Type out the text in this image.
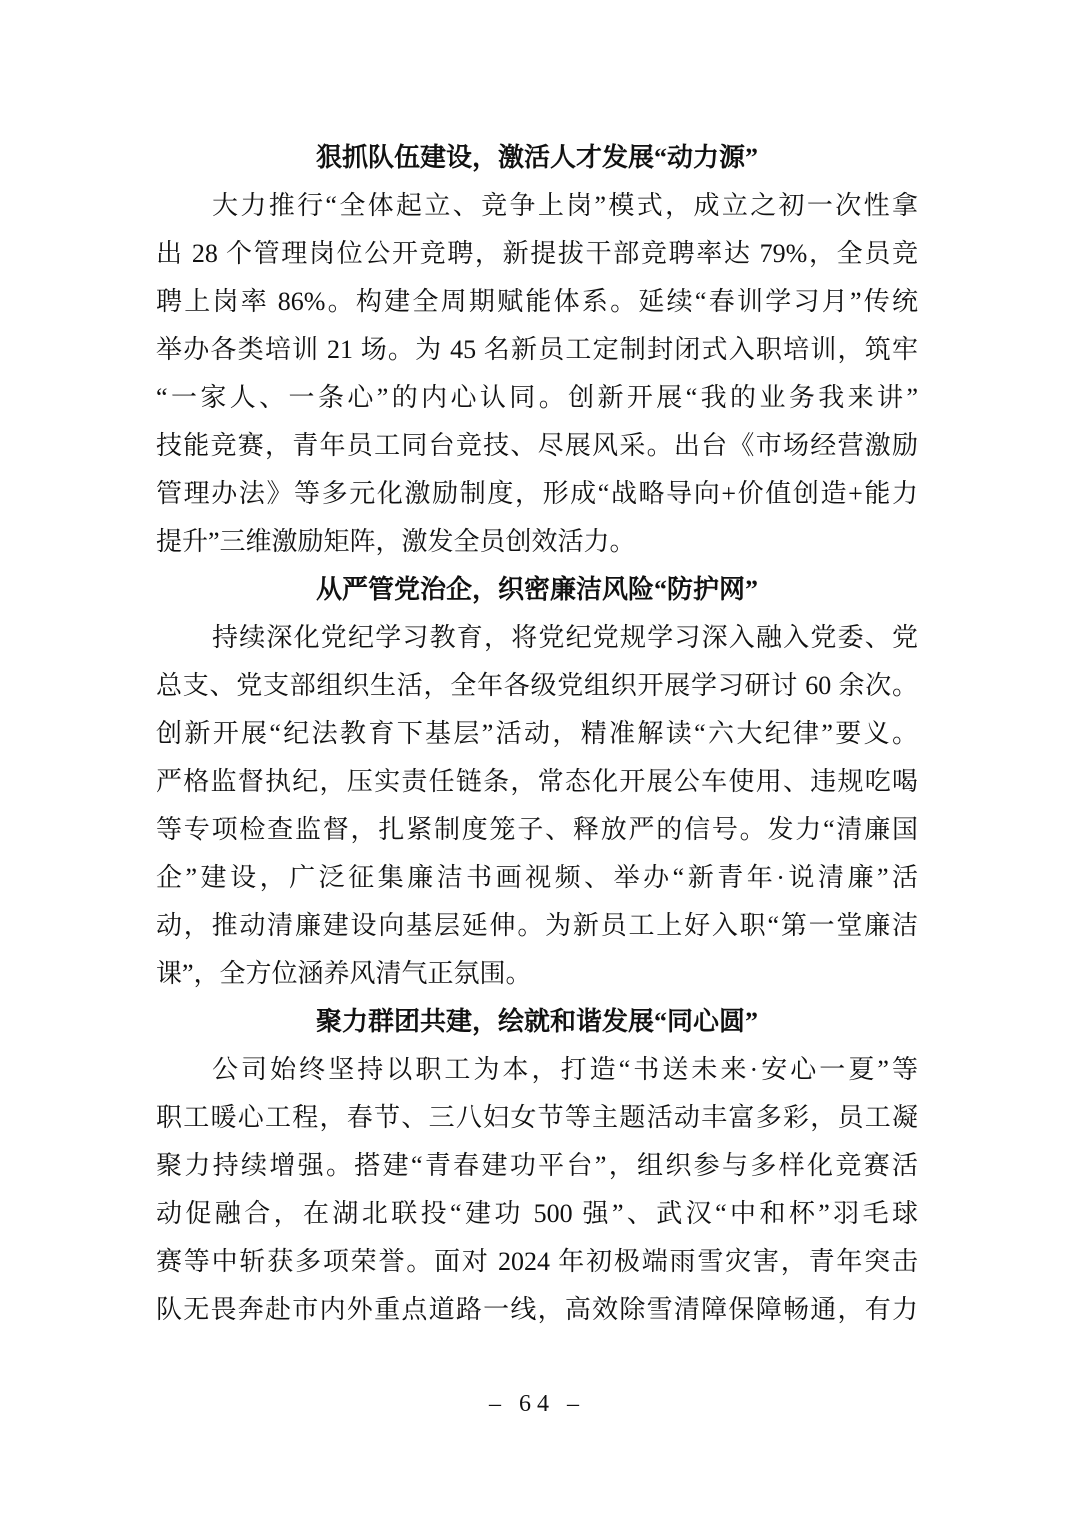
狠抓队伍建设，激活人才发展“动力源”
大力推行“全体起立、竞争上岗”模式，成立之初一次性拿
出 28 个管理岗位公开竞聘，新提拔干部竞聘率达 79%，全员竞
聘上岗率 86%。构建全周期赋能体系。延续“春训学习月”传统
举办各类培训 21 场。为 45 名新员工定制封闭式入职培训，筑牢
“一家人、一条心”的内心认同。创新开展“我的业务我来讲”
技能竞赛，青年员工同台竞技、尽展风采。出台《市场经营激励
管理办法》等多元化激励制度，形成“战略导向+价值创造+能力
提升”三维激励矩阵，激发全员创效活力。
从严管党治企，织密廉洁风险“防护网”
持续深化党纪学习教育，将党纪党规学习深入融入党委、党
总支、党支部组织生活，全年各级党组织开展学习研讨 60 余次。
创新开展“纪法教育下基层”活动，精准解读“六大纪律”要义。
严格监督执纪，压实责任链条，常态化开展公车使用、违规吃喝
等专项检查监督，扎紧制度笼子、释放严的信号。发力“清廉国
企”建设，广泛征集廉洁书画视频、举办“新青年·说清廉”活
动，推动清廉建设向基层延伸。为新员工上好入职“第一堂廉洁
课”，全方位涵养风清气正氛围。
聚力群团共建，绘就和谐发展“同心圆”
公司始终坚持以职工为本，打造“书送未来·安心一夏”等
职工暖心工程，春节、三八妇女节等主题活动丰富多彩，员工凝
聚力持续增强。搭建“青春建功平台”，组织参与多样化竞赛活
动促融合，在湖北联投“建功 500 强”、武汉“中和杯”羽毛球
赛等中斩获多项荣誉。面对 2024 年初极端雨雪灾害，青年突击
队无畏奔赴市内外重点道路一线，高效除雪清障保障畅通，有力
– 64 –
